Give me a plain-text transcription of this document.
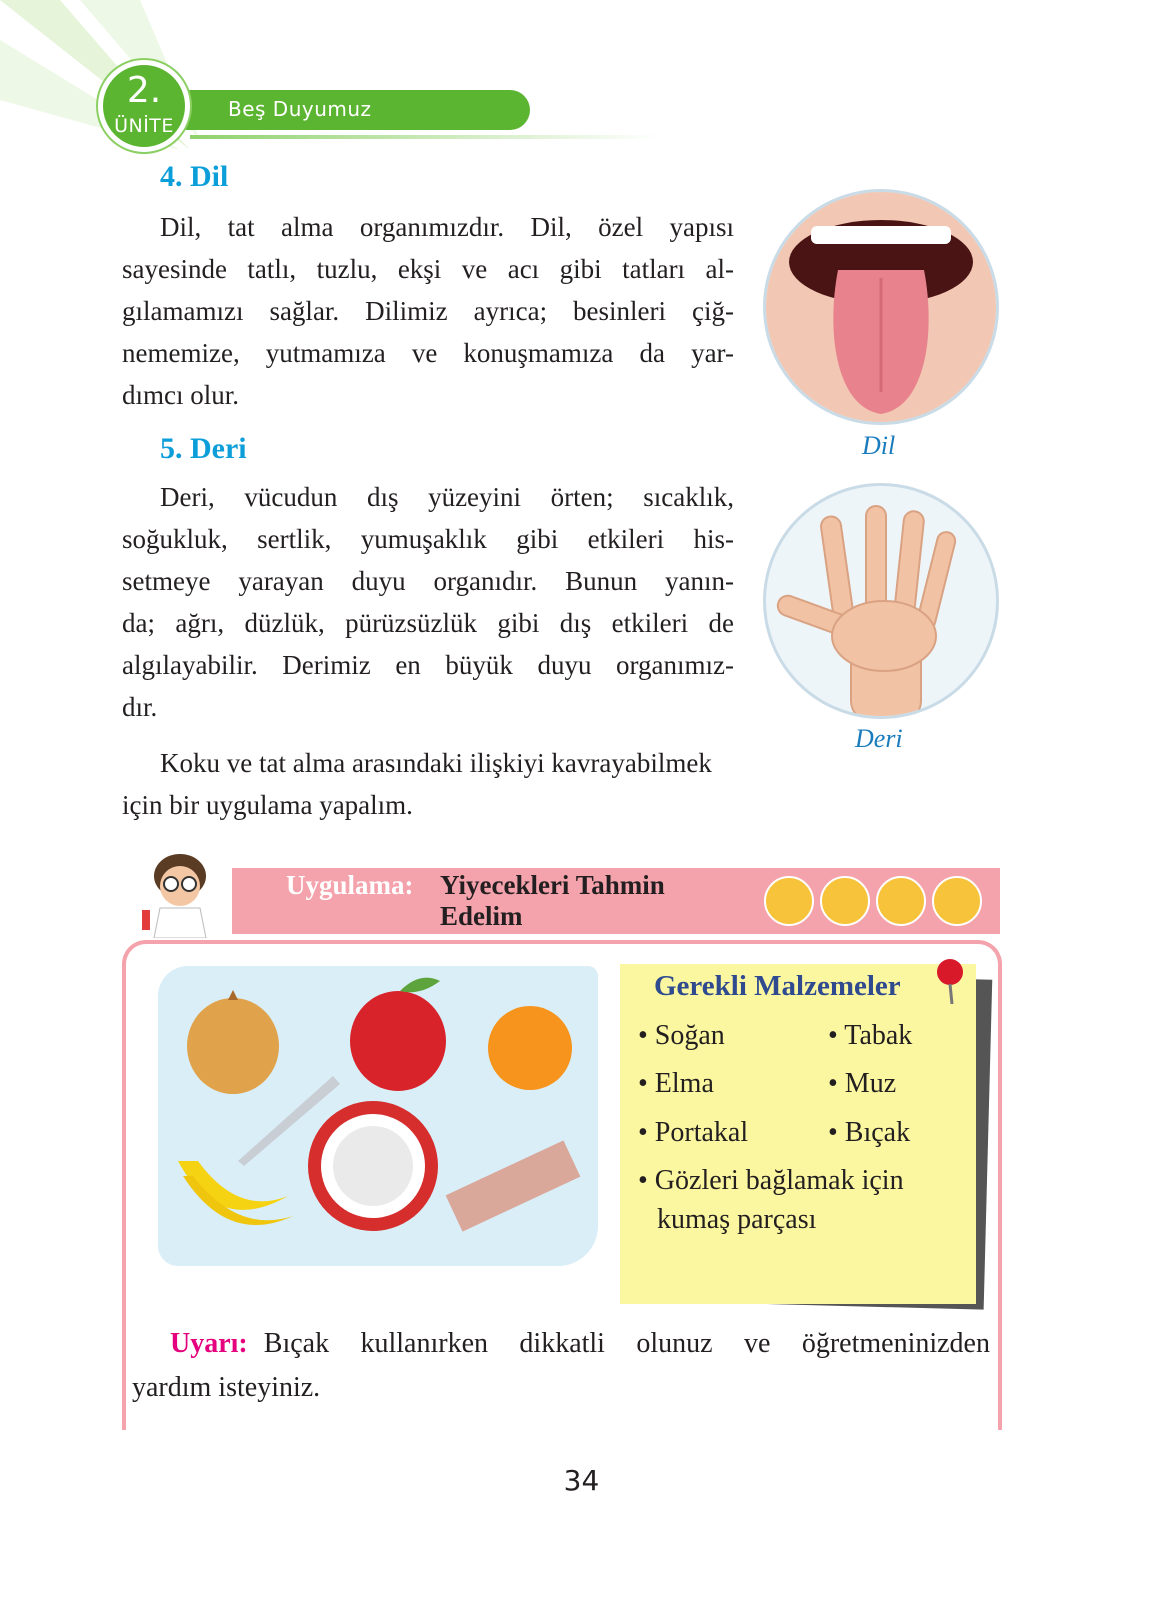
2.
ÜNİTE
Beş Duyumuz
4. Dil
Dil, tat alma organımızdır. Dil, özel yapısı
sayesinde tatlı, tuzlu, ekşi ve acı gibi tatları al-
gılamamızı sağlar. Dilimiz ayrıca; besinleri çiğ-
nememize, yutmamıza ve konuşmamıza da yar-
dımcı olur.
Dil
5. Deri
Deri, vücudun dış yüzeyini örten; sıcaklık,
soğukluk, sertlik, yumuşaklık gibi etkileri his-
setmeye yarayan duyu organıdır. Bunun yanın-
da; ağrı, düzlük, pürüzsüzlük gibi dış etkileri de
algılayabilir. Derimiz en büyük duyu organımız-
dır.
Deri
Koku ve tat alma arasındaki ilişkiyi kavrayabilmek
için bir uygulama yapalım.
Uygulama: Yiyecekleri Tahmin
Edelim
Gerekli Malzemeler
• Soğan
• Elma
• Portakal
• Tabak
• Muz
• Bıçak
• Gözleri bağlamak için
kumaş parçası
Uyarı: Bıçak kullanırken dikkatli olunuz ve öğretmeninizden
yardım isteyiniz.
34
